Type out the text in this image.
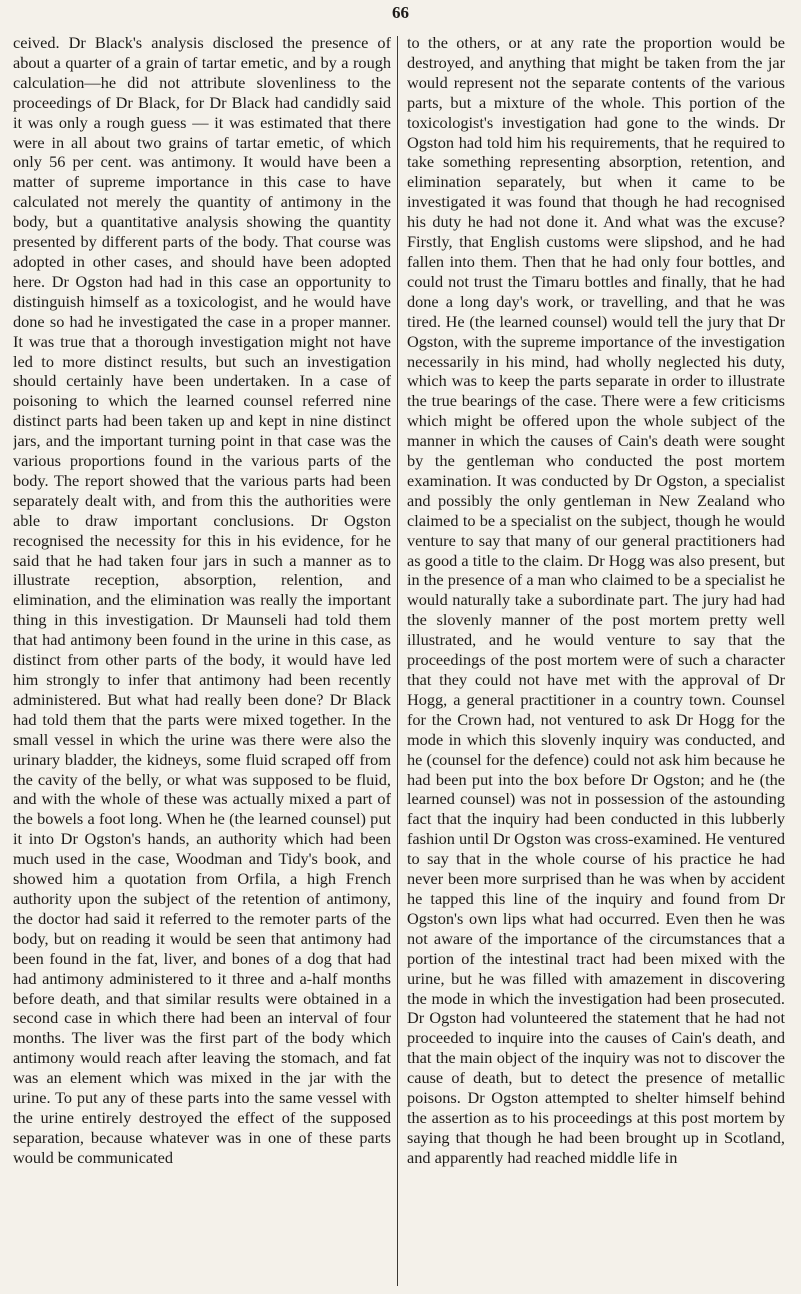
66

ceived. Dr Black's analysis disclosed the presence of about a quarter of a grain of tartar emetic, and by a rough calculation—he did not attribute slovenliness to the proceedings of Dr Black, for Dr Black had candidly said it was only a rough guess — it was estimated that there were in all about two grains of tartar emetic, of which only 56 per cent. was antimony. It would have been a matter of supreme importance in this case to have calculated not merely the quantity of antimony in the body, but a quantitative analysis showing the quantity presented by different parts of the body. That course was adopted in other cases, and should have been adopted here. Dr Ogston had had in this case an opportunity to distinguish himself as a toxicologist, and he would have done so had he investigated the case in a proper manner. It was true that a thorough investigation might not have led to more distinct results, but such an investigation should certainly have been undertaken. In a case of poisoning to which the learned counsel referred nine distinct parts had been taken up and kept in nine distinct jars, and the important turning point in that case was the various proportions found in the various parts of the body. The report showed that the various parts had been separately dealt with, and from this the authorities were able to draw important conclusions. Dr Ogston recognised the necessity for this in his evidence, for he said that he had taken four jars in such a manner as to illustrate reception, absorption, relention, and elimination, and the elimination was really the important thing in this investigation. Dr Maunseli had told them that had antimony been found in the urine in this case, as distinct from other parts of the body, it would have led him strongly to infer that antimony had been recently administered. But what had really been done? Dr Black had told them that the parts were mixed together. In the small vessel in which the urine was there were also the urinary bladder, the kidneys, some fluid scraped off from the cavity of the belly, or what was supposed to be fluid, and with the whole of these was actually mixed a part of the bowels a foot long. When he (the learned counsel) put it into Dr Ogston's hands, an authority which had been much used in the case, Woodman and Tidy's book, and showed him a quotation from Orfila, a high French authority upon the subject of the retention of antimony, the doctor had said it referred to the remoter parts of the body, but on reading it would be seen that antimony had been found in the fat, liver, and bones of a dog that had had antimony administered to it three and a-half months before death, and that similar results were obtained in a second case in which there had been an interval of four months. The liver was the first part of the body which antimony would reach after leaving the stomach, and fat was an element which was mixed in the jar with the urine. To put any of these parts into the same vessel with the urine entirely destroyed the effect of the supposed separation, because whatever was in one of these parts would be communicated

to the others, or at any rate the proportion would be destroyed, and anything that might be taken from the jar would represent not the separate contents of the various parts, but a mixture of the whole. This portion of the toxicologist's investigation had gone to the winds. Dr Ogston had told him his requirements, that he required to take something representing absorption, retention, and elimination separately, but when it came to be investigated it was found that though he had recognised his duty he had not done it. And what was the excuse? Firstly, that English customs were slipshod, and he had fallen into them. Then that he had only four bottles, and could not trust the Timaru bottles and finally, that he had done a long day's work, or travelling, and that he was tired. He (the learned counsel) would tell the jury that Dr Ogston, with the supreme importance of the investigation necessarily in his mind, had wholly neglected his duty, which was to keep the parts separate in order to illustrate the true bearings of the case. There were a few criticisms which might be offered upon the whole subject of the manner in which the causes of Cain's death were sought by the gentleman who conducted the post mortem examination. It was conducted by Dr Ogston, a specialist and possibly the only gentleman in New Zealand who claimed to be a specialist on the subject, though he would venture to say that many of our general practitioners had as good a title to the claim. Dr Hogg was also present, but in the presence of a man who claimed to be a specialist he would naturally take a subordinate part. The jury had had the slovenly manner of the post mortem pretty well illustrated, and he would venture to say that the proceedings of the post mortem were of such a character that they could not have met with the approval of Dr Hogg, a general practitioner in a country town. Counsel for the Crown had, not ventured to ask Dr Hogg for the mode in which this slovenly inquiry was conducted, and he (counsel for the defence) could not ask him because he had been put into the box before Dr Ogston; and he (the learned counsel) was not in possession of the astounding fact that the inquiry had been conducted in this lubberly fashion until Dr Ogston was cross-examined. He ventured to say that in the whole course of his practice he had never been more surprised than he was when by accident he tapped this line of the inquiry and found from Dr Ogston's own lips what had occurred. Even then he was not aware of the importance of the circumstances that a portion of the intestinal tract had been mixed with the urine, but he was filled with amazement in discovering the mode in which the investigation had been prosecuted. Dr Ogston had volunteered the statement that he had not proceeded to inquire into the causes of Cain's death, and that the main object of the inquiry was not to discover the cause of death, but to detect the presence of metallic poisons. Dr Ogston attempted to shelter himself behind the assertion as to his proceedings at this post mortem by saying that though he had been brought up in Scotland, and apparently had reached middle life in
